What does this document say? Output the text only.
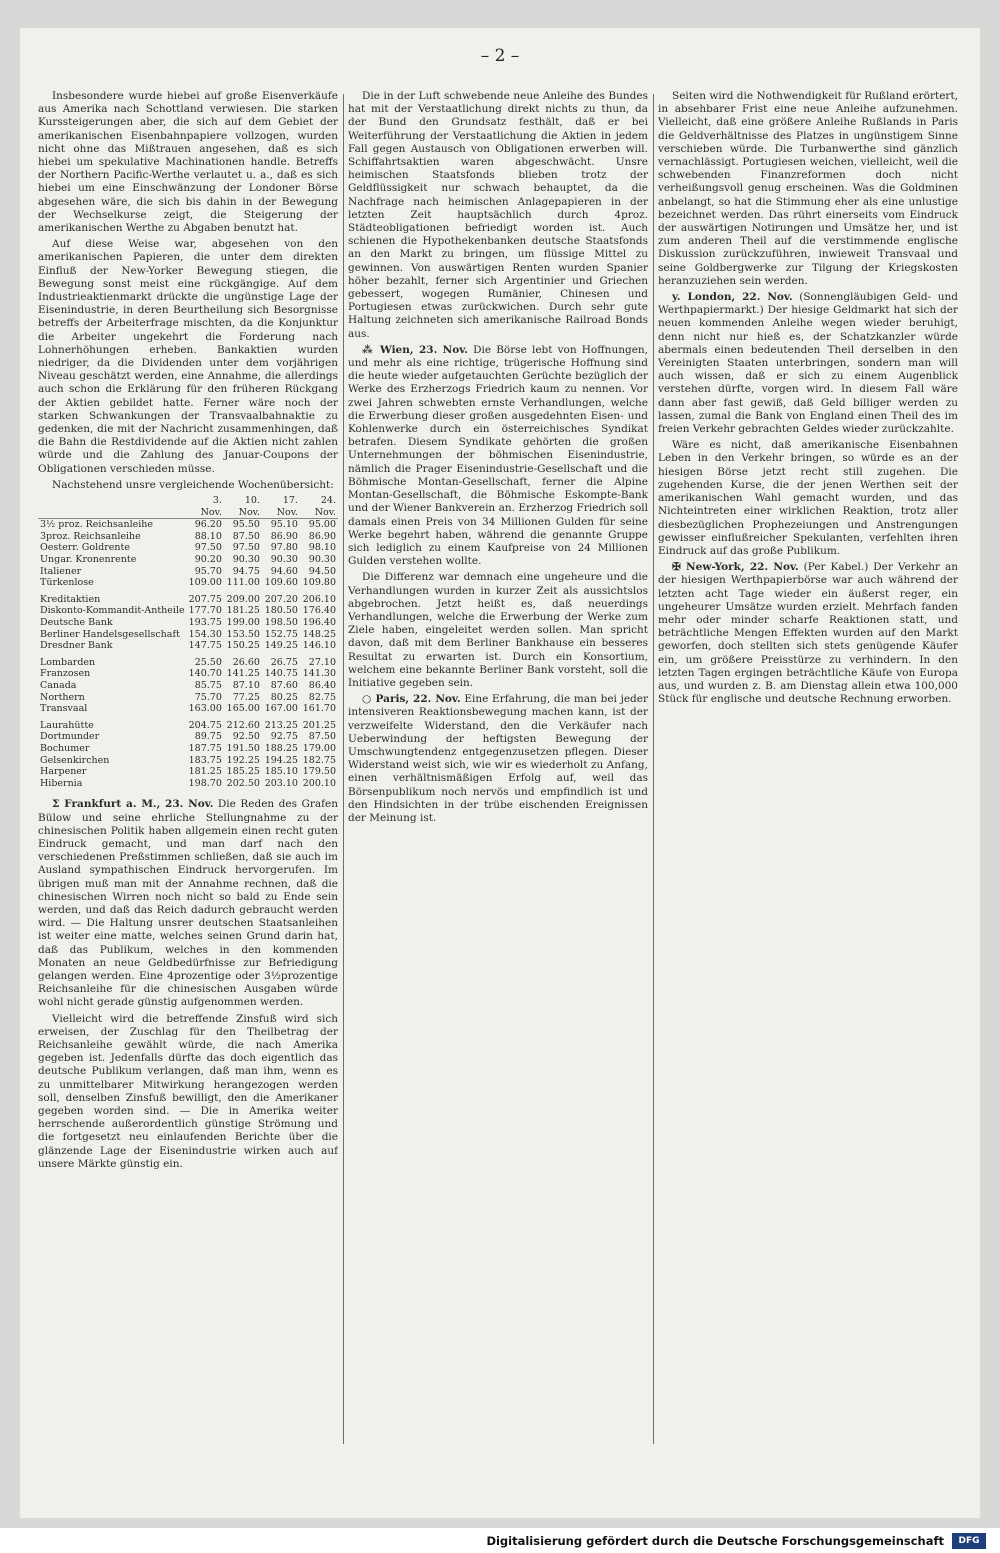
– 2 –

Insbesondere wurde hiebei auf große Eisenverkäufe aus Amerika nach Schottland verwiesen. Die starken Kurssteigerungen aber, die sich auf dem Gebiet der amerikanischen Eisenbahnpapiere vollzogen, wurden nicht ohne das Mißtrauen angesehen, daß es sich hiebei um spekulative Machinationen handle. Betreffs der Northern Pacific-Werthe verlautet u. a., daß es sich hiebei um eine Einschwänzung der Londoner Börse abgesehen wäre, die sich bis dahin in der Bewegung der Wechselkurse zeigt, die Steigerung der amerikanischen Werthe zu Abgaben benutzt hat.

Auf diese Weise war, abgesehen von den amerikanischen Papieren, die unter dem direkten Einfluß der New-Yorker Bewegung stiegen, die Bewegung sonst meist eine rückgängige. Auf dem Industrieaktienmarkt drückte die ungünstige Lage der Eisenindustrie, in deren Beurtheilung sich Besorgnisse betreffs der Arbeiterfrage mischten, da die Konjunktur die Arbeiter ungekehrt die Forderung nach Lohnerhöhungen erheben. Bankaktien wurden niedriger, da die Dividenden unter dem vorjährigen Niveau geschätzt werden, eine Annahme, die allerdings auch schon die Erklärung für den früheren Rückgang der Aktien gebildet hatte. Ferner wäre noch der starken Schwankungen der Transvaalbahnaktie zu gedenken, die mit der Nachricht zusammenhingen, daß die Bahn die Restdividende auf die Aktien nicht zahlen würde und die Zahlung des Januar-Coupons der Obligationen verschieden müsse.

Nachstehend unsre vergleichende Wochenübersicht:

	3. Nov.	10. Nov.	17. Nov.	24. Nov.
3½ proz. Reichsanleihe	96.20	95.50	95.10	95.00
3proz. Reichsanleihe	88.10	87.50	86.90	86.90
Oesterr. Goldrente	97.50	97.50	97.80	98.10
Ungar. Kronenrente	90.20	90.30	90.30	90.30
Italiener	95.70	94.75	94.60	94.50
Türkenlose	109.00	111.00	109.60	109.80

Kreditaktien	207.75	209.00	207.20	206.10
Diskonto-Kommandit-Antheile	177.70	181.25	180.50	176.40
Deutsche Bank	193.75	199.00	198.50	196.40
Berliner Handelsgesellschaft	154.30	153.50	152.75	148.25
Dresdner Bank	147.75	150.25	149.25	146.10

Lombarden	25.50	26.60	26.75	27.10
Franzosen	140.70	141.25	140.75	141.30
Canada	85.75	87.10	87.60	86.40
Northern	75.70	77.25	80.25	82.75
Transvaal	163.00	165.00	167.00	161.70

Laurahütte	204.75	212.60	213.25	201.25
Dortmunder	89.75	92.50	92.75	87.50
Bochumer	187.75	191.50	188.25	179.00
Gelsenkirchen	183.75	192.25	194.25	182.75
Harpener	181.25	185.25	185.10	179.50
Hibernia	198.70	202.50	203.10	200.10

Σ Frankfurt a. M., 23. Nov. Die Reden des Grafen Bülow und seine ehrliche Stellungnahme zu der chinesischen Politik haben allgemein einen recht guten Eindruck gemacht, und man darf nach den verschiedenen Preßstimmen schließen, daß sie auch im Ausland sympathischen Eindruck hervorgerufen. Im übrigen muß man mit der Annahme rechnen, daß die chinesischen Wirren noch nicht so bald zu Ende sein werden, und daß das Reich dadurch gebraucht werden wird. — Die Haltung unsrer deutschen Staatsanleihen ist weiter eine matte, welches seinen Grund darin hat, daß das Publikum, welches in den kommenden Monaten an neue Geldbedürfnisse zur Befriedigung gelangen werden. Eine 4prozentige oder 3½prozentige Reichsanleihe für die chinesischen Ausgaben würde wohl nicht gerade günstig aufgenommen werden.

Vielleicht wird die betreffende Zinsfuß wird sich erweisen, der Zuschlag für den Theilbetrag der Reichsanleihe gewählt würde, die nach Amerika gegeben ist. Jedenfalls dürfte das doch eigentlich das deutsche Publikum verlangen, daß man ihm, wenn es zu unmittelbarer Mitwirkung herangezogen werden soll, denselben Zinsfuß bewilligt, den die Amerikaner gegeben worden sind. — Die in Amerika weiter herrschende außerordentlich günstige Strömung und die fortgesetzt neu einlaufenden Berichte über die glänzende Lage der Eisenindustrie wirken auch auf unsere Märkte günstig ein.

Die in der Luft schwebende neue Anleihe des Bundes hat mit der Verstaatlichung direkt nichts zu thun, da der Bund den Grundsatz festhält, daß er bei Weiterführung der Verstaatlichung die Aktien in jedem Fall gegen Austausch von Obligationen erwerben will. Schiffahrtsaktien waren abgeschwächt. Unsre heimischen Staatsfonds blieben trotz der Geldflüssigkeit nur schwach behauptet, da die Nachfrage nach heimischen Anlagepapieren in der letzten Zeit hauptsächlich durch 4proz. Städteobligationen befriedigt worden ist. Auch schienen die Hypothekenbanken deutsche Staatsfonds an den Markt zu bringen, um flüssige Mittel zu gewinnen. Von auswärtigen Renten wurden Spanier höher bezahlt, ferner sich Argentinier und Griechen gebessert, wogegen Rumänier, Chinesen und Portugiesen etwas zurückwichen. Durch sehr gute Haltung zeichneten sich amerikanische Railroad Bonds aus.

⁂ Wien, 23. Nov. Die Börse lebt von Hoffnungen, und mehr als eine richtige, trügerische Hoffnung sind die heute wieder aufgetauchten Gerüchte bezüglich der Werke des Erzherzogs Friedrich kaum zu nennen. Vor zwei Jahren schwebten ernste Verhandlungen, welche die Erwerbung dieser großen ausgedehnten Eisen- und Kohlenwerke durch ein österreichisches Syndikat betrafen. Diesem Syndikate gehörten die großen Unternehmungen der böhmischen Eisenindustrie, nämlich die Prager Eisenindustrie-Gesellschaft und die Böhmische Montan-Gesellschaft, ferner die Alpine Montan-Gesellschaft, die Böhmische Eskompte-Bank und der Wiener Bankverein an. Erzherzog Friedrich soll damals einen Preis von 34 Millionen Gulden für seine Werke begehrt haben, während die genannte Gruppe sich lediglich zu einem Kaufpreise von 24 Millionen Gulden verstehen wollte.

Die Differenz war demnach eine ungeheure und die Verhandlungen wurden in kurzer Zeit als aussichtslos abgebrochen. Jetzt heißt es, daß neuerdings Verhandlungen, welche die Erwerbung der Werke zum Ziele haben, eingeleitet werden sollen. Man spricht davon, daß mit dem Berliner Bankhause ein besseres Resultat zu erwarten ist. Durch ein Konsortium, welchem eine bekannte Berliner Bank vorsteht, soll die Initiative gegeben sein.

○ Paris, 22. Nov. Eine Erfahrung, die man bei jeder intensiveren Reaktionsbewegung machen kann, ist der verzweifelte Widerstand, den die Verkäufer nach Ueberwindung der heftigsten Bewegung der Umschwungtendenz entgegenzusetzen pflegen. Dieser Widerstand weist sich, wie wir es wiederholt zu Anfang, einen verhältnismäßigen Erfolg auf, weil das Börsenpublikum noch nervös und empfindlich ist und den Hindsichten in der trübe eischenden Ereignissen der Meinung ist.

Seiten wird die Nothwendigkeit für Rußland erörtert, in absehbarer Frist eine neue Anleihe aufzunehmen. Vielleicht, daß eine größere Anleihe Rußlands in Paris die Geldverhältnisse des Platzes in ungünstigem Sinne verschieben würde. Die Turbanwerthe sind gänzlich vernachlässigt. Portugiesen weichen, vielleicht, weil die schwebenden Finanzreformen doch nicht verheißungsvoll genug erscheinen. Was die Goldminen anbelangt, so hat die Stimmung eher als eine unlustige bezeichnet werden. Das rührt einerseits vom Eindruck der auswärtigen Notirungen und Umsätze her, und ist zum anderen Theil auf die verstimmende englische Diskussion zurückzuführen, inwieweit Transvaal und seine Goldbergwerke zur Tilgung der Kriegskosten heranzuziehen sein werden.

y. London, 22. Nov. (Sonnengläubigen Geld- und Werthpapiermarkt.) Der hiesige Geldmarkt hat sich der neuen kommenden Anleihe wegen wieder beruhigt, denn nicht nur hieß es, der Schatzkanzler würde abermals einen bedeutenden Theil derselben in den Vereinigten Staaten unterbringen, sondern man will auch wissen, daß er sich zu einem Augenblick verstehen dürfte, vorgen wird. In diesem Fall wäre dann aber fast gewiß, daß Geld billiger werden zu lassen, zumal die Bank von England einen Theil des im freien Verkehr gebrachten Geldes wieder zurückzahlte.

Wäre es nicht, daß amerikanische Eisenbahnen Leben in den Verkehr bringen, so würde es an der hiesigen Börse jetzt recht still zugehen. Die zugehenden Kurse, die der jenen Werthen seit der amerikanischen Wahl gemacht wurden, und das Nichteintreten einer wirklichen Reaktion, trotz aller diesbezüglichen Prophezeiungen und Anstrengungen gewisser einflußreicher Spekulanten, verfehlten ihren Eindruck auf das große Publikum.

✠ New-York, 22. Nov. (Per Kabel.) Der Verkehr an der hiesigen Werthpapierbörse war auch während der letzten acht Tage wieder ein äußerst reger, ein ungeheurer Umsätze wurden erzielt. Mehrfach fanden mehr oder minder scharfe Reaktionen statt, und beträchtliche Mengen Effekten wurden auf den Markt geworfen, doch stellten sich stets genügende Käufer ein, um größere Preisstürze zu verhindern. In den letzten Tagen ergingen beträchtliche Käufe von Europa aus, und wurden z. B. am Dienstag allein etwa 100,000 Stück für englische und deutsche Rechnung erworben.

Digitalisierung gefördert durch die Deutsche Forschungsgemeinschaft	DFG
